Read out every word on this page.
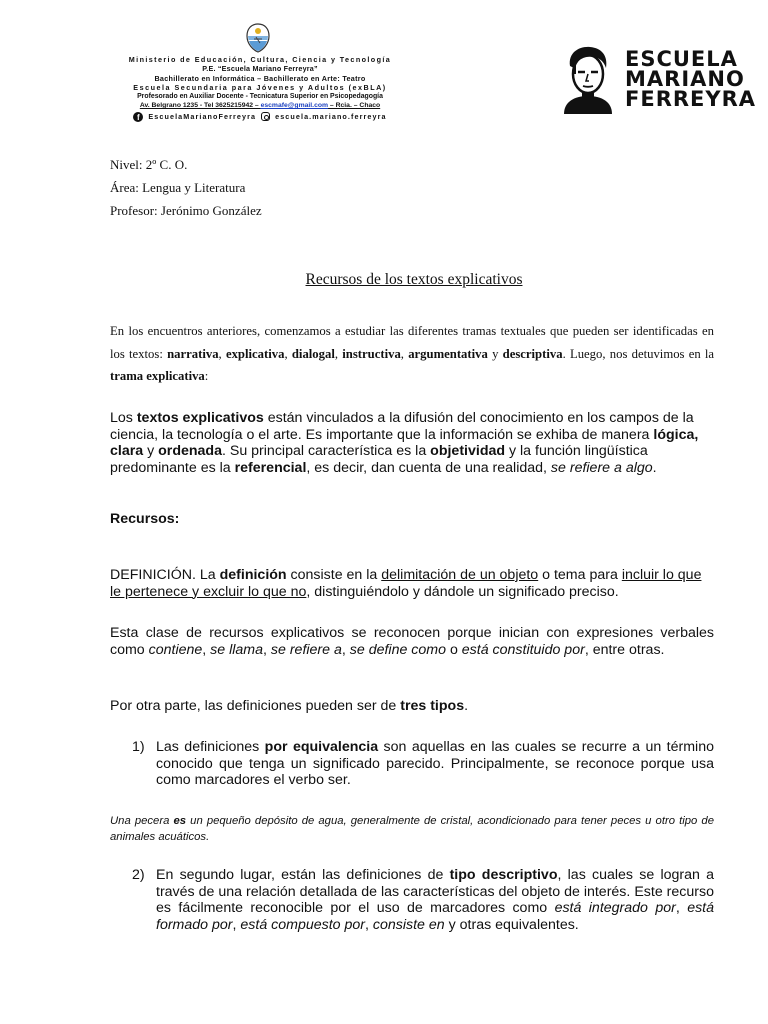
Ministerio de Educación, Cultura, Ciencia y Tecnología
P.E. “Escuela Mariano Ferreyra”
Bachillerato en Informática – Bachillerato en Arte: Teatro
Escuela Secundaria para Jóvenes y Adultos (exBLA)
Profesorado en Auxiliar Docente - Tecnicatura Superior en Psicopedagogía
Av. Belgrano 1235 - Tel 3625215942 – escmafe@gmail.com – Rcia. – Chaco
f	EscuelaMarianoFerreyra	escuela.mariano.ferreyra
ESCUELA
MARIANO
FERREYRA
Nivel: 2º C. O.
Área: Lengua y Literatura
Profesor: Jerónimo González
Recursos de los textos explicativos
En los encuentros anteriores, comenzamos a estudiar las diferentes tramas textuales que pueden ser identificadas en los textos: narrativa, explicativa, dialogal, instructiva, argumentativa y descriptiva. Luego, nos detuvimos en la trama explicativa:
Los textos explicativos están vinculados a la difusión del conocimiento en los campos de la ciencia, la tecnología o el arte. Es importante que la información se exhiba de manera lógica, clara y ordenada. Su principal característica es la objetividad y la función lingüística predominante es la referencial, es decir, dan cuenta de una realidad, se refiere a algo.
Recursos:
DEFINICIÓN. La definición consiste en la delimitación de un objeto o tema para incluir lo que le pertenece y excluir lo que no, distinguiéndolo y dándole un significado preciso.
Esta clase de recursos explicativos se reconocen porque inician con expresiones verbales como contiene, se llama, se refiere a, se define como o está constituido por, entre otras.
Por otra parte, las definiciones pueden ser de tres tipos.
1) Las definiciones por equivalencia son aquellas en las cuales se recurre a un término conocido que tenga un significado parecido. Principalmente, se reconoce porque usa como marcadores el verbo ser.
Una pecera es un pequeño depósito de agua, generalmente de cristal, acondicionado para tener peces u otro tipo de animales acuáticos.
2) En segundo lugar, están las definiciones de tipo descriptivo, las cuales se logran a través de una relación detallada de las características del objeto de interés. Este recurso es fácilmente reconocible por el uso de marcadores como está integrado por, está formado por, está compuesto por, consiste en y otras equivalentes.
